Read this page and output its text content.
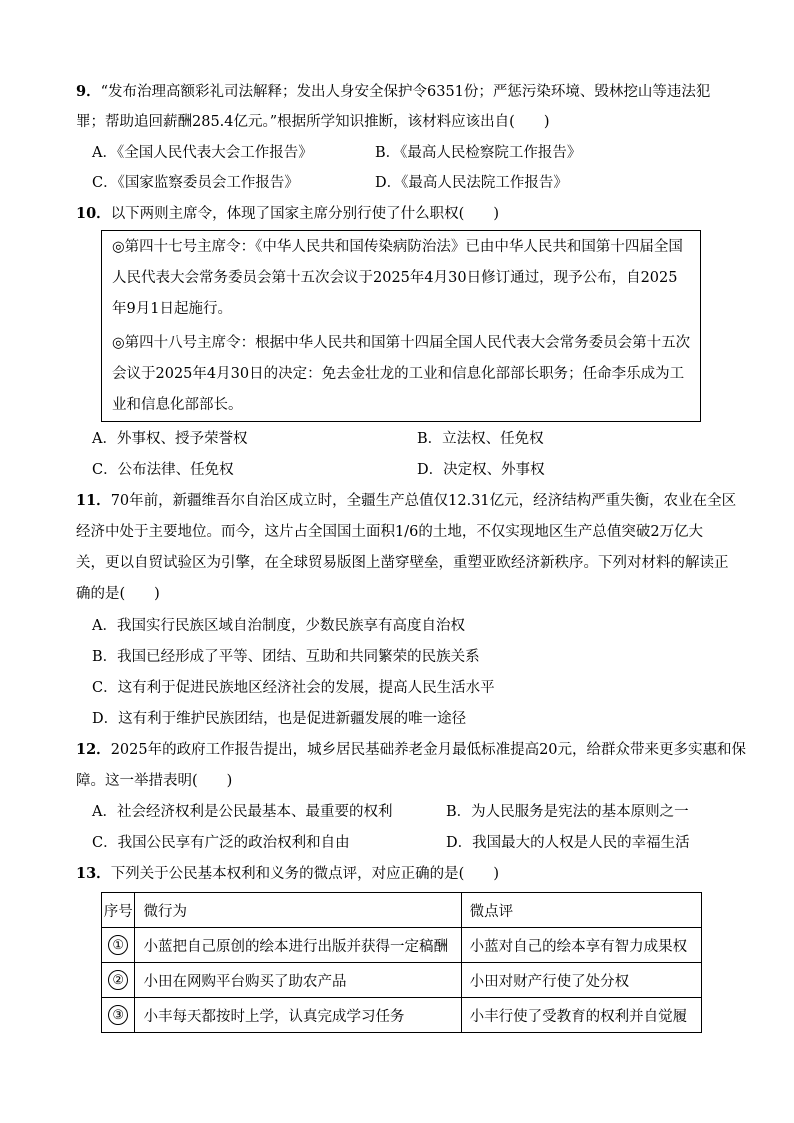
9．“发布治理高额彩礼司法解释；发出人身安全保护令6351份；严惩污染环境、毁林挖山等违法犯
罪；帮助追回薪酬285.4亿元。”根据所学知识推断，该材料应该出自(　　)
A．《全国人民代表大会工作报告》	B．《最高人民检察院工作报告》
C．《国家监察委员会工作报告》	D．《最高人民法院工作报告》
10．以下两则主席令，体现了国家主席分别行使了什么职权(　　)
◎第四十七号主席令：《中华人民共和国传染病防治法》已由中华人民共和国第十四届全国
人民代表大会常务委员会第十五次会议于2025年4月30日修订通过，现予公布，自2025
年9月1日起施行。
◎第四十八号主席令：根据中华人民共和国第十四届全国人民代表大会常务委员会第十五次
会议于2025年4月30日的决定：免去金壮龙的工业和信息化部部长职务；任命李乐成为工
业和信息化部部长。
A．外事权、授予荣誉权	B．立法权、任免权
C．公布法律、任免权	D．决定权、外事权
11．70年前，新疆维吾尔自治区成立时，全疆生产总值仅12.31亿元，经济结构严重失衡，农业在全区
经济中处于主要地位。而今，这片占全国国土面积1/6的土地，不仅实现地区生产总值突破2万亿大
关，更以自贸试验区为引擎，在全球贸易版图上凿穿壁垒，重塑亚欧经济新秩序。下列对材料的解读正
确的是(　　)
A．我国实行民族区域自治制度，少数民族享有高度自治权
B．我国已经形成了平等、团结、互助和共同繁荣的民族关系
C．这有利于促进民族地区经济社会的发展，提高人民生活水平
D．这有利于维护民族团结，也是促进新疆发展的唯一途径
12．2025年的政府工作报告提出，城乡居民基础养老金月最低标准提高20元，给群众带来更多实惠和保
障。这一举措表明(　　)
A．社会经济权利是公民最基本、最重要的权利	B．为人民服务是宪法的基本原则之一
C．我国公民享有广泛的政治权利和自由	D．我国最大的人权是人民的幸福生活
13．下列关于公民基本权利和义务的微点评，对应正确的是(　　)
序号	微行为	微点评
①	小蓝把自己原创的绘本进行出版并获得一定稿酬	小蓝对自己的绘本享有智力成果权
②	小田在网购平台购买了助农产品	小田对财产行使了处分权
③	小丰每天都按时上学，认真完成学习任务	小丰行使了受教育的权利并自觉履
